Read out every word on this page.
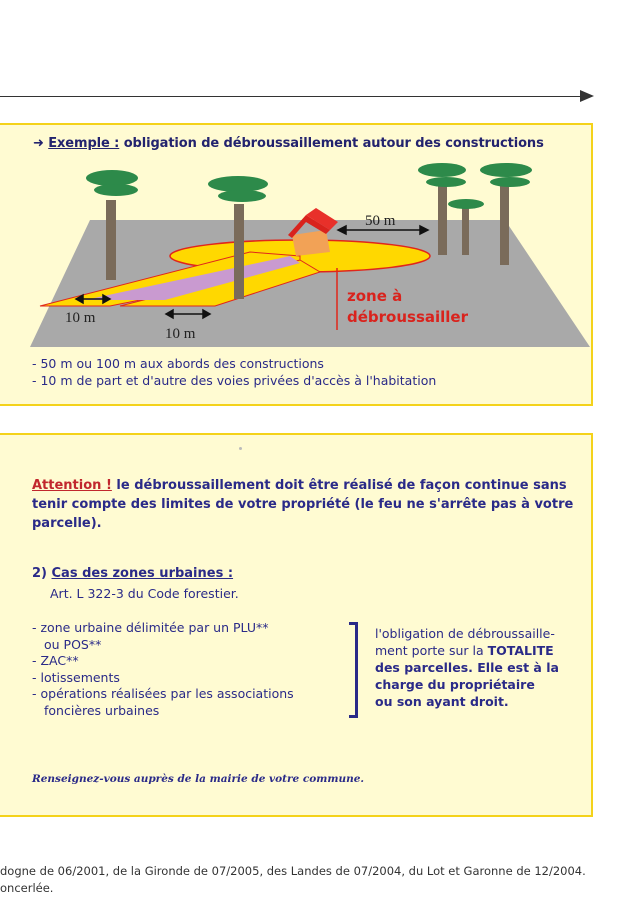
➜ Exemple : obligation de débroussaillement autour des constructions
50 m
10 m
10 m
zone à
débroussailler
- 50 m ou 100 m aux abords des constructions
- 10 m de part et d'autre des voies privées d'accès à l'habitation
Attention ! le débroussaillement doit être réalisé de façon continue sans tenir compte des limites de votre propriété (le feu ne s'arrête pas à votre parcelle).
2) Cas des zones urbaines :
Art. L 322-3 du Code forestier.
- zone urbaine délimitée par un PLU**
ou POS**
- ZAC**
- lotissements
- opérations réalisées par les associations
foncières urbaines
l'obligation de débroussaille-
ment porte sur la TOTALITE
des parcelles. Elle est à la
charge du propriétaire
ou son ayant droit.
Renseignez-vous auprès de la mairie de votre commune.
dogne de 06/2001, de la Gironde de 07/2005, des Landes de 07/2004, du Lot et Garonne de 12/2004.
oncerlée.
